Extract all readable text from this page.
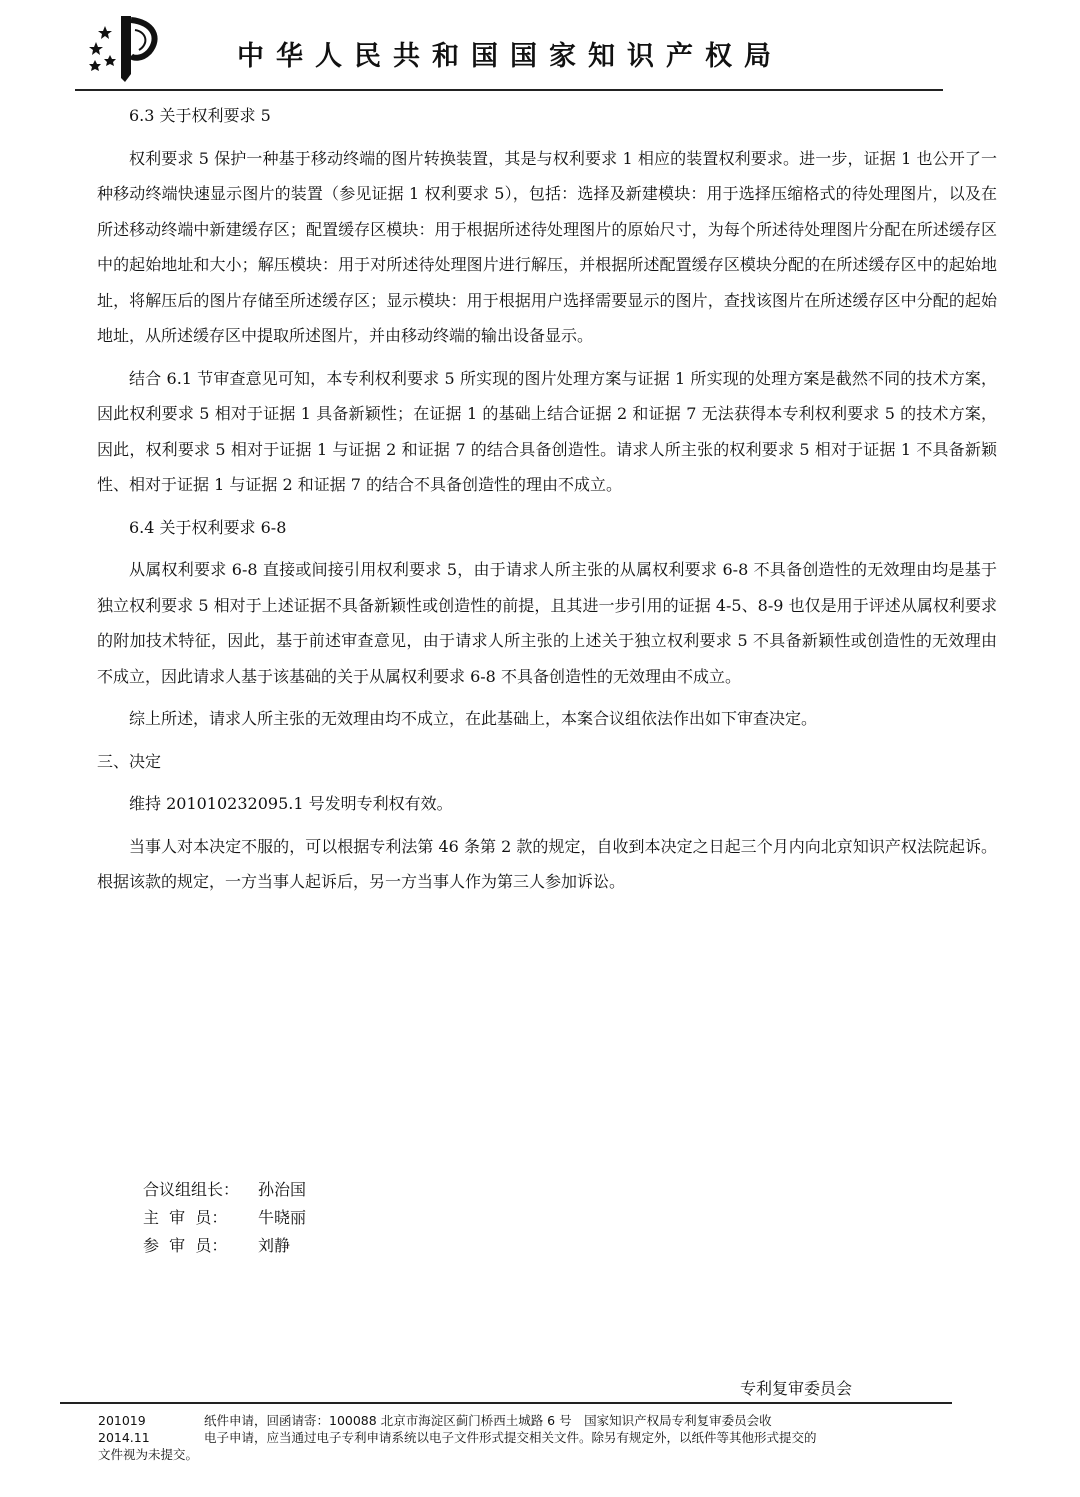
中华人民共和国国家知识产权局

6.3 关于权利要求 5

权利要求 5 保护一种基于移动终端的图片转换装置，其是与权利要求 1 相应的装置权利要求。进一步，证据 1 也公开了一种移动终端快速显示图片的装置（参见证据 1 权利要求 5），包括：选择及新建模块：用于选择压缩格式的待处理图片，以及在所述移动终端中新建缓存区；配置缓存区模块：用于根据所述待处理图片的原始尺寸，为每个所述待处理图片分配在所述缓存区中的起始地址和大小；解压模块：用于对所述待处理图片进行解压，并根据所述配置缓存区模块分配的在所述缓存区中的起始地址，将解压后的图片存储至所述缓存区；显示模块：用于根据用户选择需要显示的图片，查找该图片在所述缓存区中分配的起始地址，从所述缓存区中提取所述图片，并由移动终端的输出设备显示。

结合 6.1 节审查意见可知，本专利权利要求 5 所实现的图片处理方案与证据 1 所实现的处理方案是截然不同的技术方案，因此权利要求 5 相对于证据 1 具备新颖性；在证据 1 的基础上结合证据 2 和证据 7 无法获得本专利权利要求 5 的技术方案，因此，权利要求 5 相对于证据 1 与证据 2 和证据 7 的结合具备创造性。请求人所主张的权利要求 5 相对于证据 1 不具备新颖性、相对于证据 1 与证据 2 和证据 7 的结合不具备创造性的理由不成立。

6.4 关于权利要求 6-8

从属权利要求 6-8 直接或间接引用权利要求 5，由于请求人所主张的从属权利要求 6-8 不具备创造性的无效理由均是基于独立权利要求 5 相对于上述证据不具备新颖性或创造性的前提，且其进一步引用的证据 4-5、8-9 也仅是用于评述从属权利要求的附加技术特征，因此，基于前述审查意见，由于请求人所主张的上述关于独立权利要求 5 不具备新颖性或创造性的无效理由不成立，因此请求人基于该基础的关于从属权利要求 6-8 不具备创造性的无效理由不成立。

综上所述，请求人所主张的无效理由均不成立，在此基础上，本案合议组依法作出如下审查决定。

三、决定

维持 201010232095.1 号发明专利权有效。

当事人对本决定不服的，可以根据专利法第 46 条第 2 款的规定，自收到本决定之日起三个月内向北京知识产权法院起诉。根据该款的规定，一方当事人起诉后，另一方当事人作为第三人参加诉讼。

合议组组长：	孙治国
主  审  员：	牛晓丽
参  审  员：	刘静
专利复审委员会
201019	纸件申请，回函请寄：100088 北京市海淀区蓟门桥西土城路 6 号　国家知识产权局专利复审委员会收
2014.11	电子申请，应当通过电子专利申请系统以电子文件形式提交相关文件。除另有规定外，以纸件等其他形式提交的
文件视为未提交。
